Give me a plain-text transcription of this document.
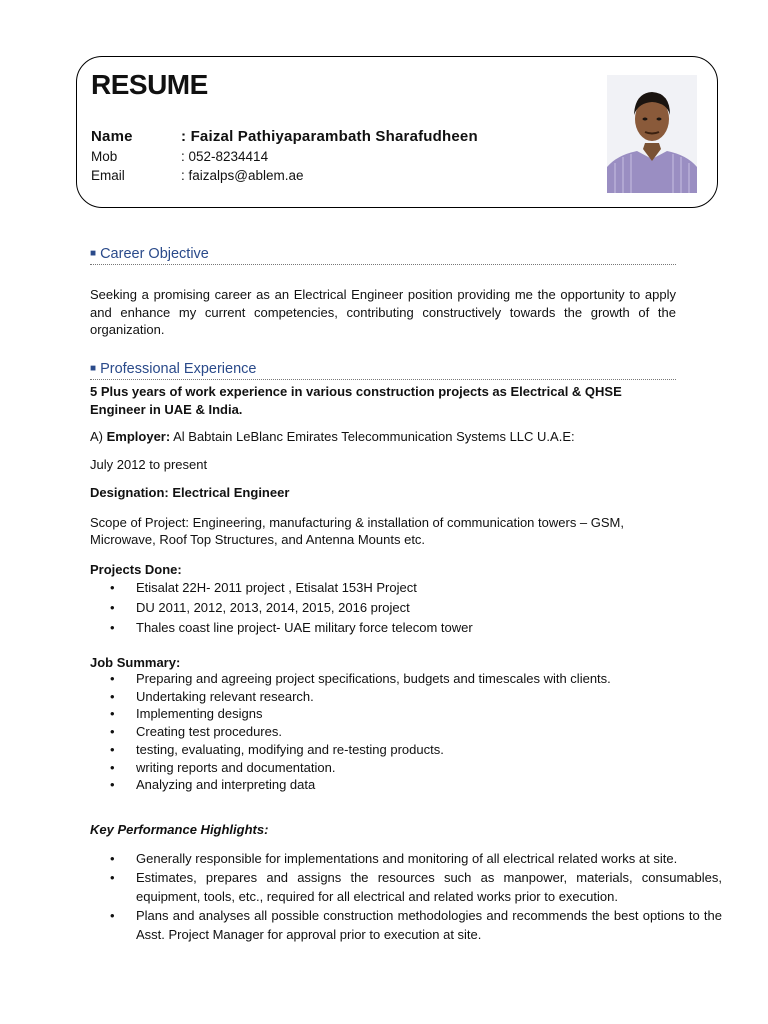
RESUME
Name	: Faizal Pathiyaparambath Sharafudheen
Mob	: 052-8234414
Email	: faizalps@ablem.ae
■ Career Objective

Seeking a promising career as an Electrical Engineer position providing me the opportunity to apply and enhance my current competencies, contributing constructively towards the growth of the organization.

■ Professional Experience

5 Plus years of work experience in various construction projects as Electrical & QHSE Engineer in UAE & India.

A) Employer: Al Babtain LeBlanc Emirates Telecommunication Systems LLC U.A.E:

July 2012 to present

Designation: Electrical Engineer

Scope of Project: Engineering, manufacturing & installation of communication towers – GSM, Microwave, Roof Top Structures, and Antenna Mounts etc.

Projects Done:

• Etisalat 22H- 2011 project , Etisalat 153H Project
• DU 2011, 2012, 2013, 2014, 2015, 2016 project
• Thales coast line project- UAE military force telecom tower

Job Summary:

• Preparing and agreeing project specifications, budgets and timescales with clients.
• Undertaking relevant research.
• Implementing designs
• Creating test procedures.
• testing, evaluating, modifying and re-testing products.
• writing reports and documentation.
• Analyzing and interpreting data

Key Performance Highlights:

• Generally responsible for implementations and monitoring of all electrical related works at site.
• Estimates, prepares and assigns the resources such as manpower, materials, consumables, equipment, tools, etc., required for all electrical and related works prior to execution.
• Plans and analyses all possible construction methodologies and recommends the best options to the Asst. Project Manager for approval prior to execution at site.
